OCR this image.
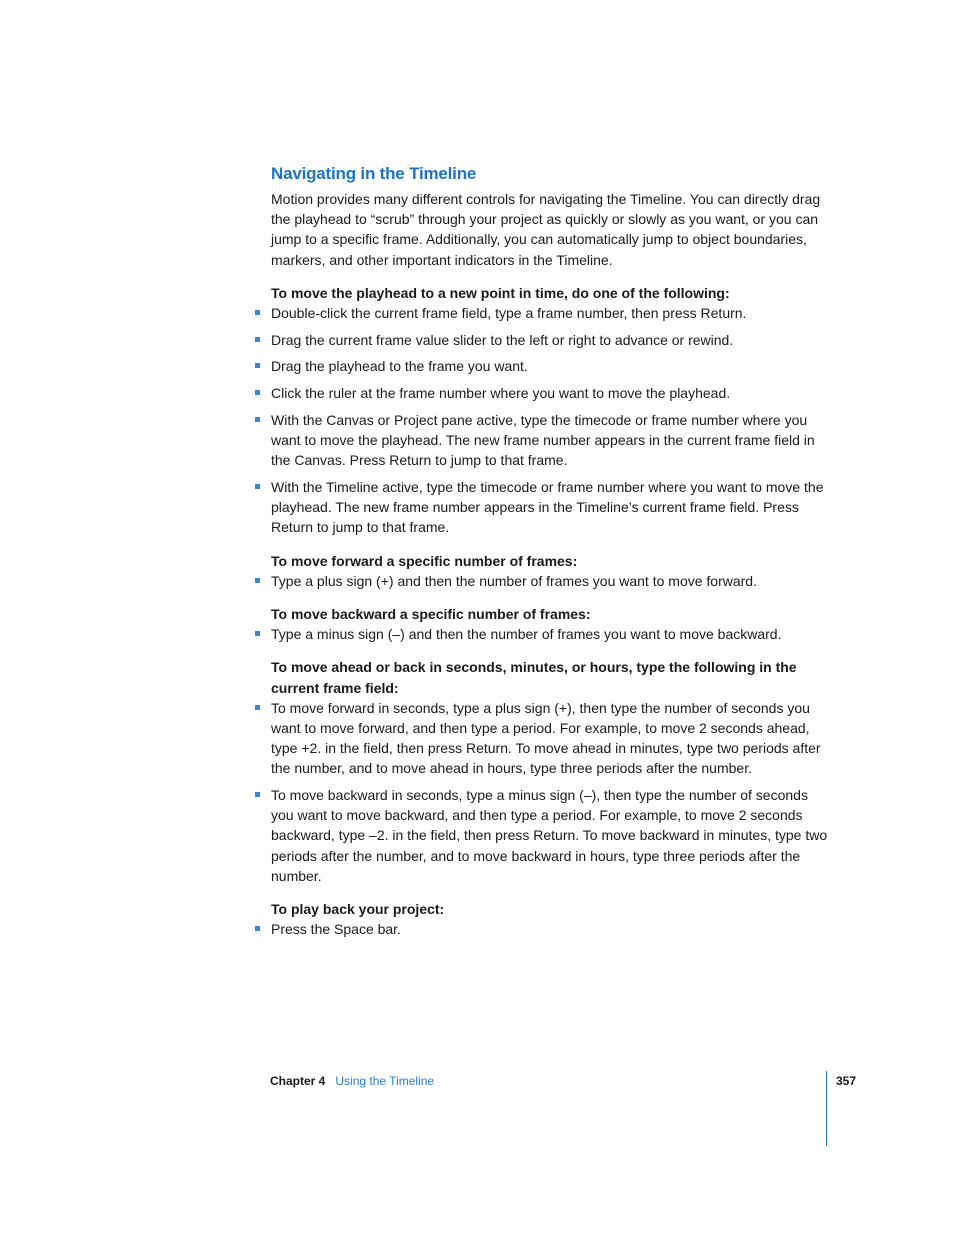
Navigating in the Timeline

Motion provides many different controls for navigating the Timeline. You can directly drag the playhead to “scrub” through your project as quickly or slowly as you want, or you can jump to a specific frame. Additionally, you can automatically jump to object boundaries, markers, and other important indicators in the Timeline.

To move the playhead to a new point in time, do one of the following:
Double-click the current frame field, type a frame number, then press Return.
Drag the current frame value slider to the left or right to advance or rewind.
Drag the playhead to the frame you want.
Click the ruler at the frame number where you want to move the playhead.
With the Canvas or Project pane active, type the timecode or frame number where you want to move the playhead. The new frame number appears in the current frame field in the Canvas. Press Return to jump to that frame.
With the Timeline active, type the timecode or frame number where you want to move the playhead. The new frame number appears in the Timeline’s current frame field. Press Return to jump to that frame.
To move forward a specific number of frames:
Type a plus sign (+) and then the number of frames you want to move forward.
To move backward a specific number of frames:
Type a minus sign (–) and then the number of frames you want to move backward.
To move ahead or back in seconds, minutes, or hours, type the following in the current frame field:
To move forward in seconds, type a plus sign (+), then type the number of seconds you want to move forward, and then type a period. For example, to move 2 seconds ahead, type +2. in the field, then press Return. To move ahead in minutes, type two periods after the number, and to move ahead in hours, type three periods after the number.
To move backward in seconds, type a minus sign (–), then type the number of seconds you want to move backward, and then type a period. For example, to move 2 seconds backward, type –2. in the field, then press Return. To move backward in minutes, type two periods after the number, and to move backward in hours, type three periods after the number.
To play back your project:
Press the Space bar.
Chapter 4 Using the Timeline	357
